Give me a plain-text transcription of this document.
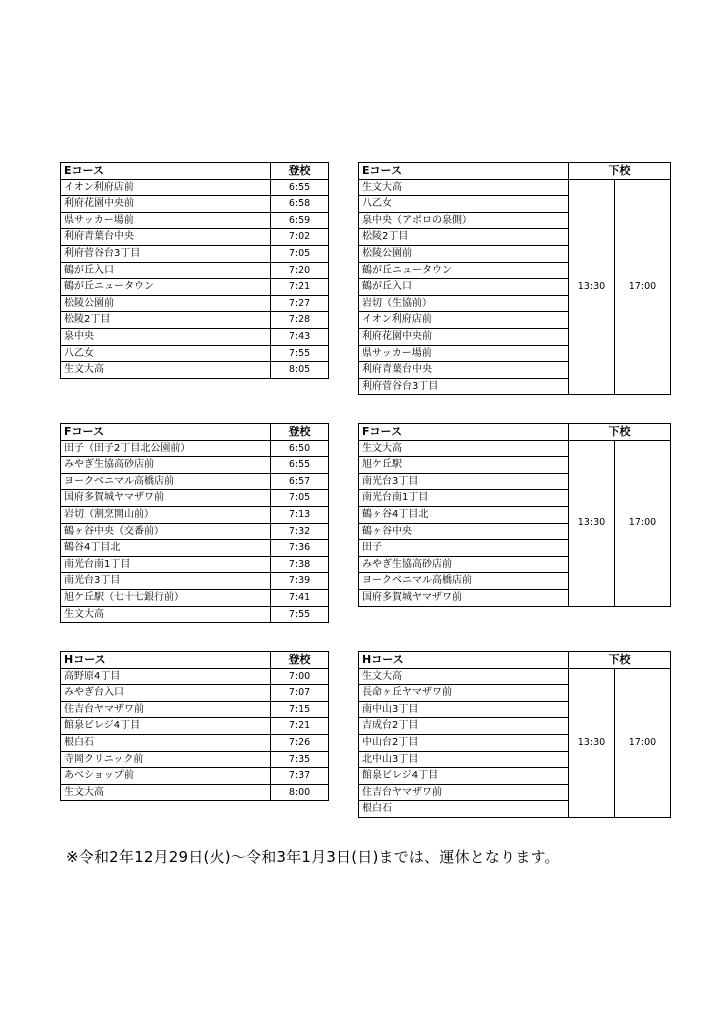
Eコース	登校
イオン利府店前	6:55
利府花園中央前	6:58
県サッカー場前	6:59
利府青葉台中央	7:02
利府菅谷台3丁目	7:05
鶴が丘入口	7:20
鶴が丘ニュータウン	7:21
松陵公園前	7:27
松陵2丁目	7:28
泉中央	7:43
八乙女	7:55
生文大高	8:05
Fコース	登校
田子（田子2丁目北公園前）	6:50
みやぎ生協高砂店前	6:55
ヨークベニマル高橋店前	6:57
国府多賀城ヤマザワ前	7:05
岩切（割烹開山前）	7:13
鶴ヶ谷中央（交番前）	7:32
鶴谷4丁目北	7:36
南光台南1丁目	7:38
南光台3丁目	7:39
旭ケ丘駅（七十七銀行前）	7:41
生文大高	7:55
Hコース	登校
高野原4丁目	7:00
みやぎ台入口	7:07
住吉台ヤマザワ前	7:15
館泉ビレジ4丁目	7:21
根白石	7:26
寺岡クリニック前	7:35
あべショップ前	7:37
生文大高	8:00
Eコース	下校	
生文大高	13:30	17:00
八乙女		
泉中央（アポロの泉側）		
松陵2丁目		
松陵公園前		
鶴が丘ニュータウン		
鶴が丘入口		
岩切（生協前）		
イオン利府店前		
利府花園中央前		
県サッカー場前		
利府青葉台中央		
利府菅谷台3丁目		
Fコース	下校	
生文大高	13:30	17:00
旭ケ丘駅		
南光台3丁目		
南光台南1丁目		
鶴ヶ谷4丁目北		
鶴ヶ谷中央		
田子		
みやぎ生協高砂店前		
ヨークベニマル高橋店前		
国府多賀城ヤマザワ前		
Hコース	下校	
生文大高	13:30	17:00
長命ヶ丘ヤマザワ前		
南中山3丁目		
吉成台2丁目		
中山台2丁目		
北中山3丁目		
館泉ビレジ4丁目		
住吉台ヤマザワ前		
根白石		
※令和2年12月29日(火)～令和3年1月3日(日)までは、運休となります。
